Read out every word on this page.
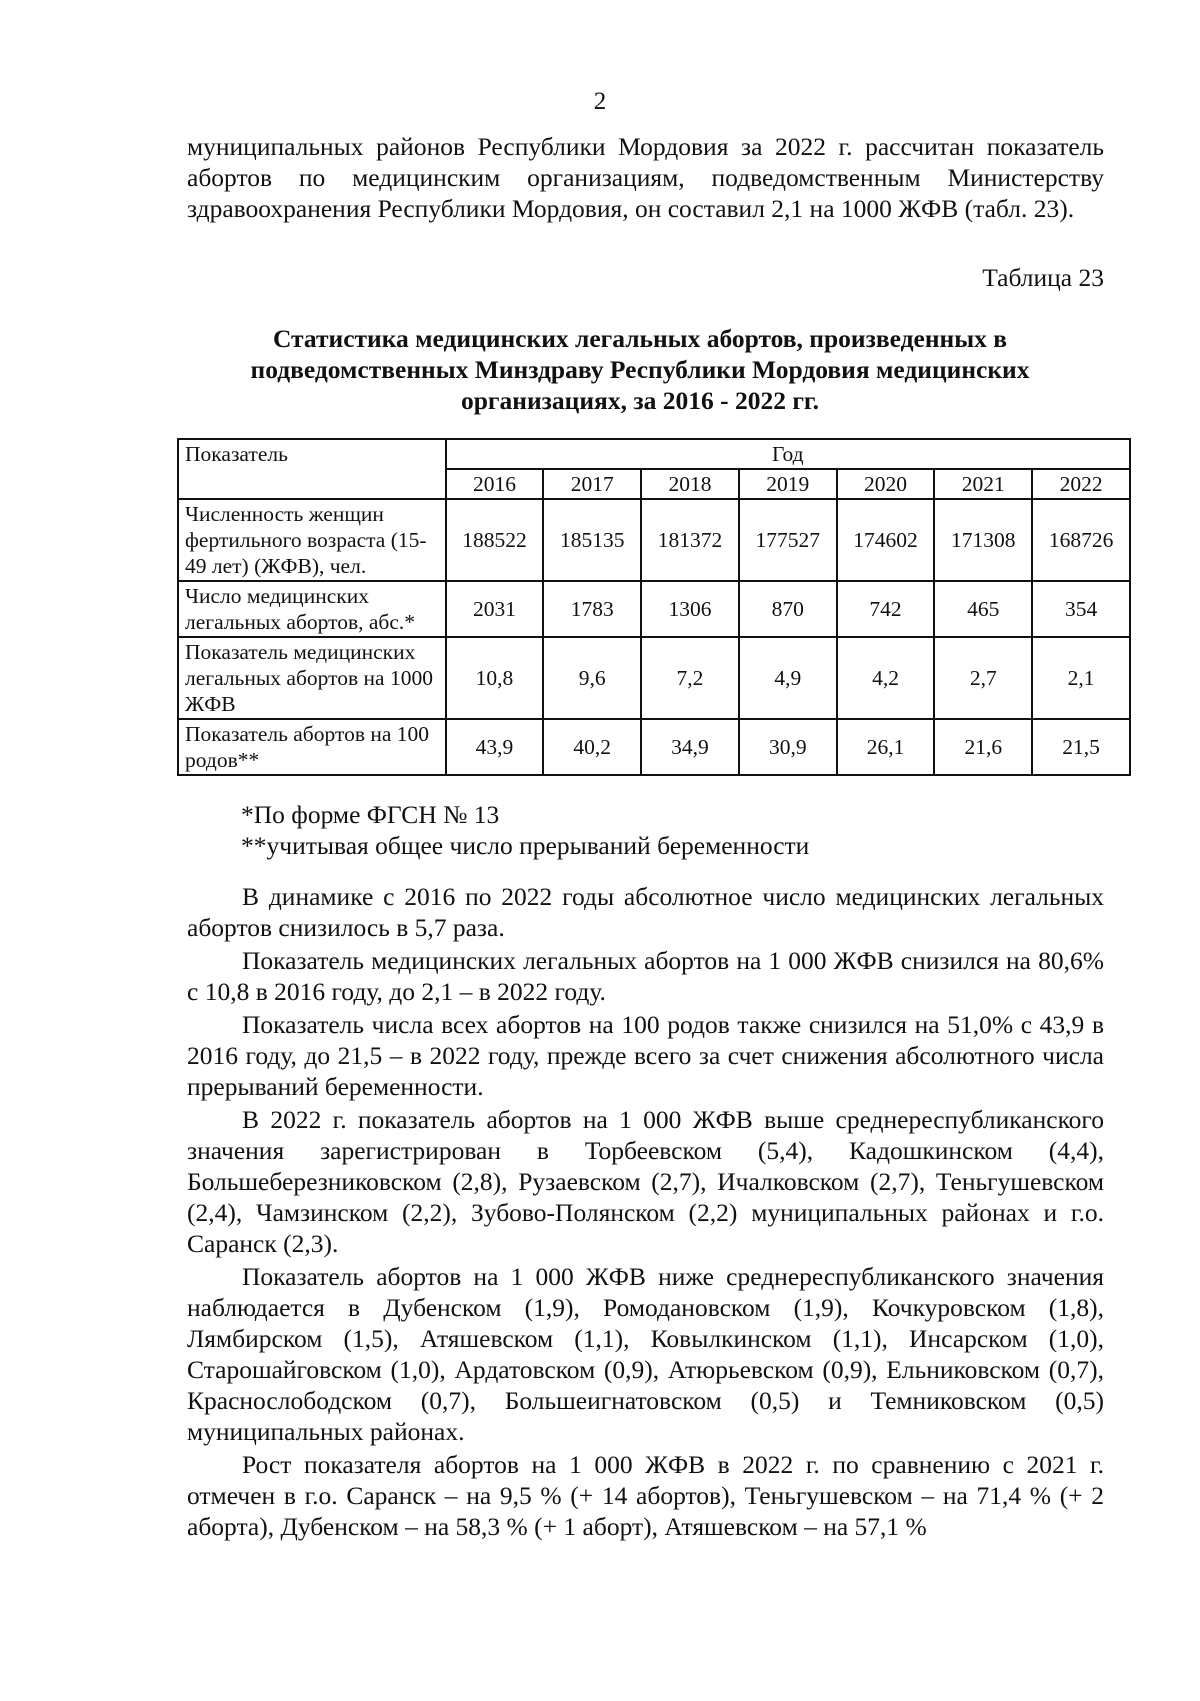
2

муниципальных районов Республики Мордовия за 2022 г. рассчитан показатель абортов по медицинским организациям, подведомственным Министерству здравоохранения Республики Мордовия, он составил 2,1 на 1000 ЖФВ (табл. 23).

Таблица 23

Статистика медицинских легальных абортов, произведенных в подведомственных Минздраву Республики Мордовия медицинских организациях, за 2016 - 2022 гг.

Показатель	Год						
	2016	2017	2018	2019	2020	2021	2022
Численность женщин фертильного возраста (15-49 лет) (ЖФВ), чел.	188522	185135	181372	177527	174602	171308	168726
Число медицинских легальных абортов, абс.*	2031	1783	1306	870	742	465	354
Показатель медицинских легальных абортов на 1000 ЖФВ	10,8	9,6	7,2	4,9	4,2	2,7	2,1
Показатель абортов на 100 родов**	43,9	40,2	34,9	30,9	26,1	21,6	21,5
*По форме ФГСН № 13
**учитывая общее число прерываний беременности

В динамике с 2016 по 2022 годы абсолютное число медицинских легальных абортов снизилось в 5,7 раза.

Показатель медицинских легальных абортов на 1 000 ЖФВ снизился на 80,6% с 10,8 в 2016 году, до 2,1 – в 2022 году.

Показатель числа всех абортов на 100 родов также снизился на 51,0% с 43,9 в 2016 году, до 21,5 – в 2022 году, прежде всего за счет снижения абсолютного числа прерываний беременности.

В 2022 г. показатель абортов на 1 000 ЖФВ выше среднереспубликанского значения зарегистрирован в Торбеевском (5,4), Кадошкинском (4,4), Большеберезниковском (2,8), Рузаевском (2,7), Ичалковском (2,7), Теньгушевском (2,4), Чамзинском (2,2), Зубово-Полянском (2,2) муниципальных районах и г.о. Саранск (2,3).

Показатель абортов на 1 000 ЖФВ ниже среднереспубликанского значения наблюдается в Дубенском (1,9), Ромодановском (1,9), Кочкуровском (1,8), Лямбирском (1,5), Атяшевском (1,1), Ковылкинском (1,1), Инсарском (1,0), Старошайговском (1,0), Ардатовском (0,9), Атюрьевском (0,9), Ельниковском (0,7), Краснослободском (0,7), Большеигнатовском (0,5) и Темниковском (0,5) муниципальных районах.

Рост показателя абортов на 1 000 ЖФВ в 2022 г. по сравнению с 2021 г. отмечен в г.о. Саранск – на 9,5 % (+ 14 абортов), Теньгушевском – на 71,4 % (+ 2 аборта), Дубенском – на 58,3 % (+ 1 аборт), Атяшевском – на 57,1 %
